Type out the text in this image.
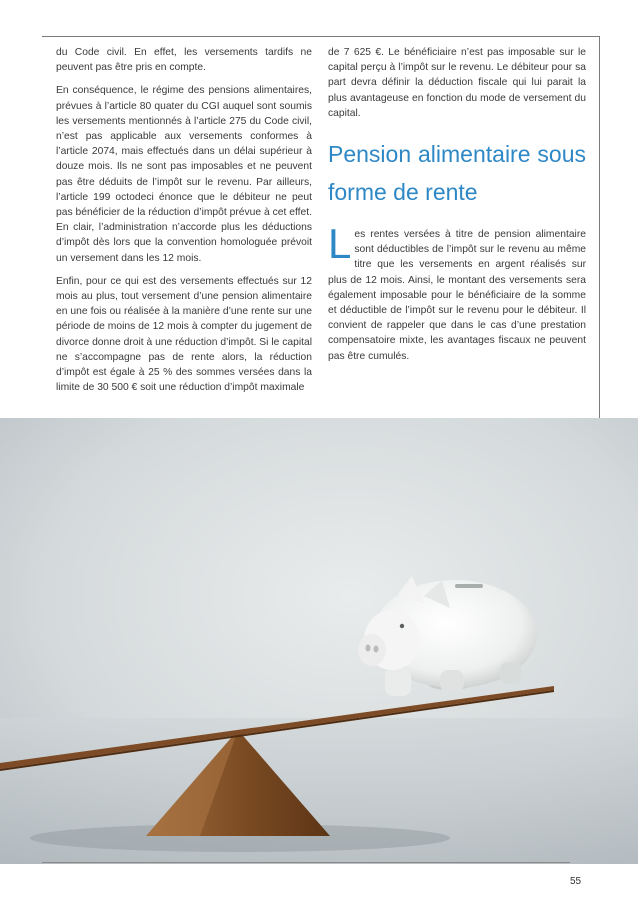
du Code civil. En effet, les versements tardifs ne peuvent pas être pris en compte.

En conséquence, le régime des pensions alimentaires, prévues à l’article 80 quater du CGI auquel sont soumis les versements mentionnés à l’article 275 du Code civil, n’est pas applicable aux versements conformes à l’article 2074, mais effectués dans un délai supérieur à douze mois. Ils ne sont pas imposables et ne peuvent pas être déduits de l’impôt sur le revenu. Par ailleurs, l’article 199 octodeci énonce que le débiteur ne peut pas bénéficier de la réduction d’impôt prévue à cet effet. En clair, l’administration n’accorde plus les déductions d’impôt dès lors que la convention homologuée prévoit un versement dans les 12 mois.

Enfin, pour ce qui est des versements effectués sur 12 mois au plus, tout versement d’une pension alimentaire en une fois ou réalisée à la manière d’une rente sur une période de moins de 12 mois à compter du jugement de divorce donne droit à une réduction d’impôt. Si le capital ne s’accompagne pas de rente alors, la réduction d’impôt est égale à 25 % des sommes versées dans la limite de 30 500 € soit une réduction d’impôt maximale

de 7 625 €. Le bénéficiaire n’est pas imposable sur le capital perçu à l’impôt sur le revenu. Le débiteur pour sa part devra définir la déduction fiscale qui lui parait la plus avantageuse en fonction du mode de versement du capital.

Pension alimentaire sous forme de rente

Les rentes versées à titre de pension alimentaire sont déductibles de l’impôt sur le revenu au même titre que les versements en argent réalisés sur plus de 12 mois. Ainsi, le montant des versements sera également imposable pour le bénéficiaire de la somme et déductible de l’impôt sur le revenu pour le débiteur. Il convient de rappeler que dans le cas d’une prestation compensatoire mixte, les avantages fiscaux ne peuvent pas être cumulés.

55
